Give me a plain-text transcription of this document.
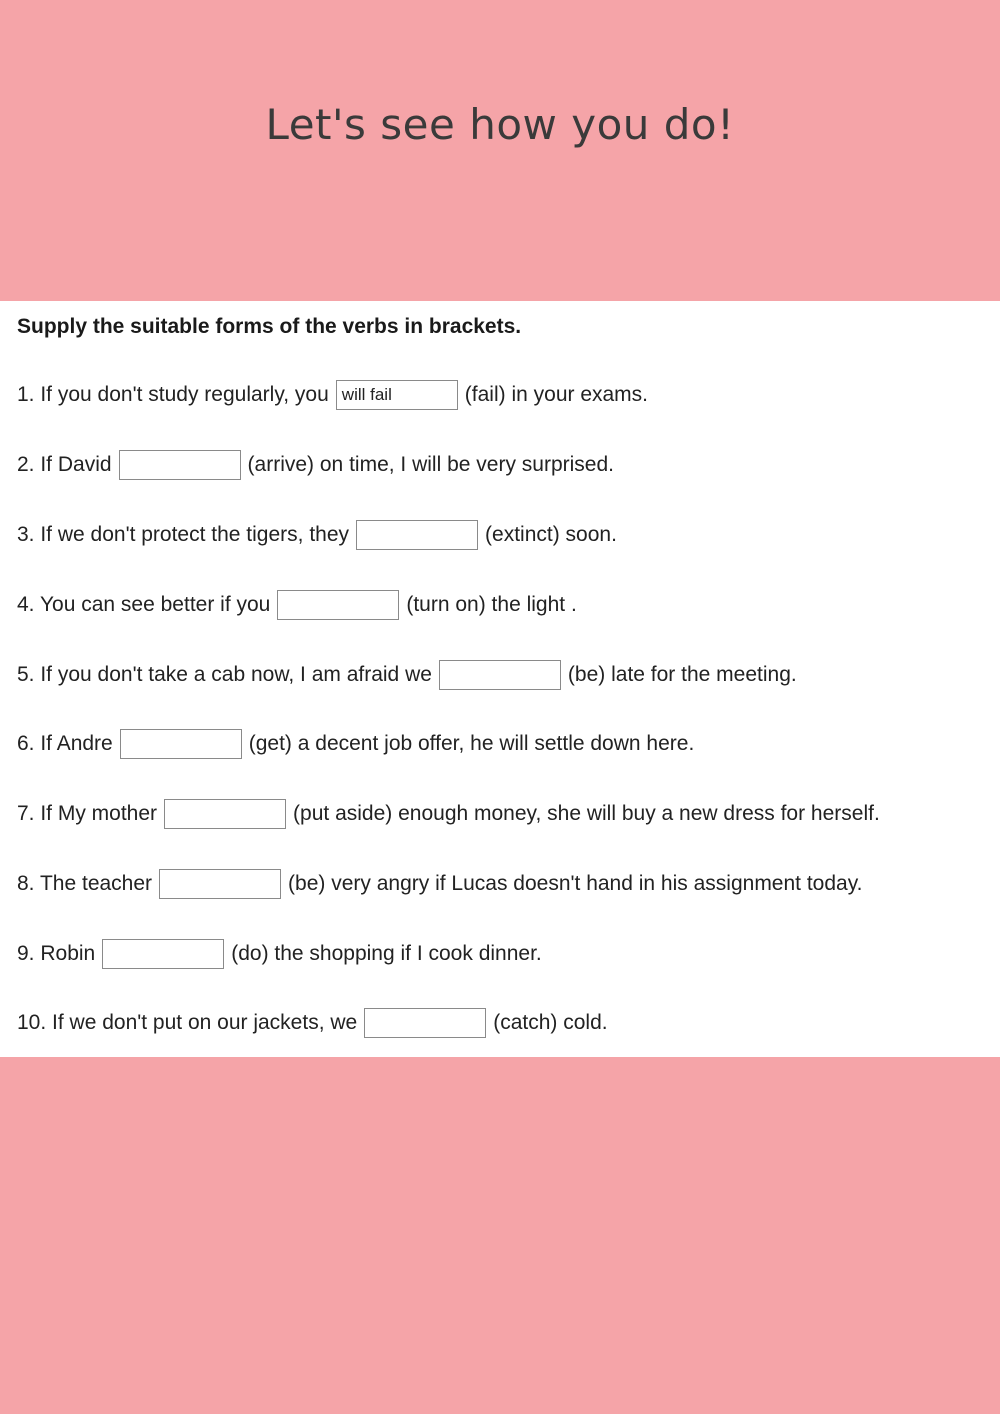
Let's see how you do!
Supply the suitable forms of the verbs in brackets.
1. If you don't study regularly, you will fail	(fail) in your exams.
2. If David	(arrive) on time, I will be very surprised.
3. If we don't protect the tigers, they	(extinct) soon.
4. You can see better if you	(turn on) the light .
5. If you don't take a cab now, I am afraid we	(be) late for the meeting.
6. If Andre	(get) a decent job offer, he will settle down here.
7. If My mother	(put aside) enough money, she will buy a new dress for herself.
8. The teacher	(be) very angry if Lucas doesn't hand in his assignment today.
9. Robin	(do) the shopping if I cook dinner.
10. If we don't put on our jackets, we	(catch) cold.
